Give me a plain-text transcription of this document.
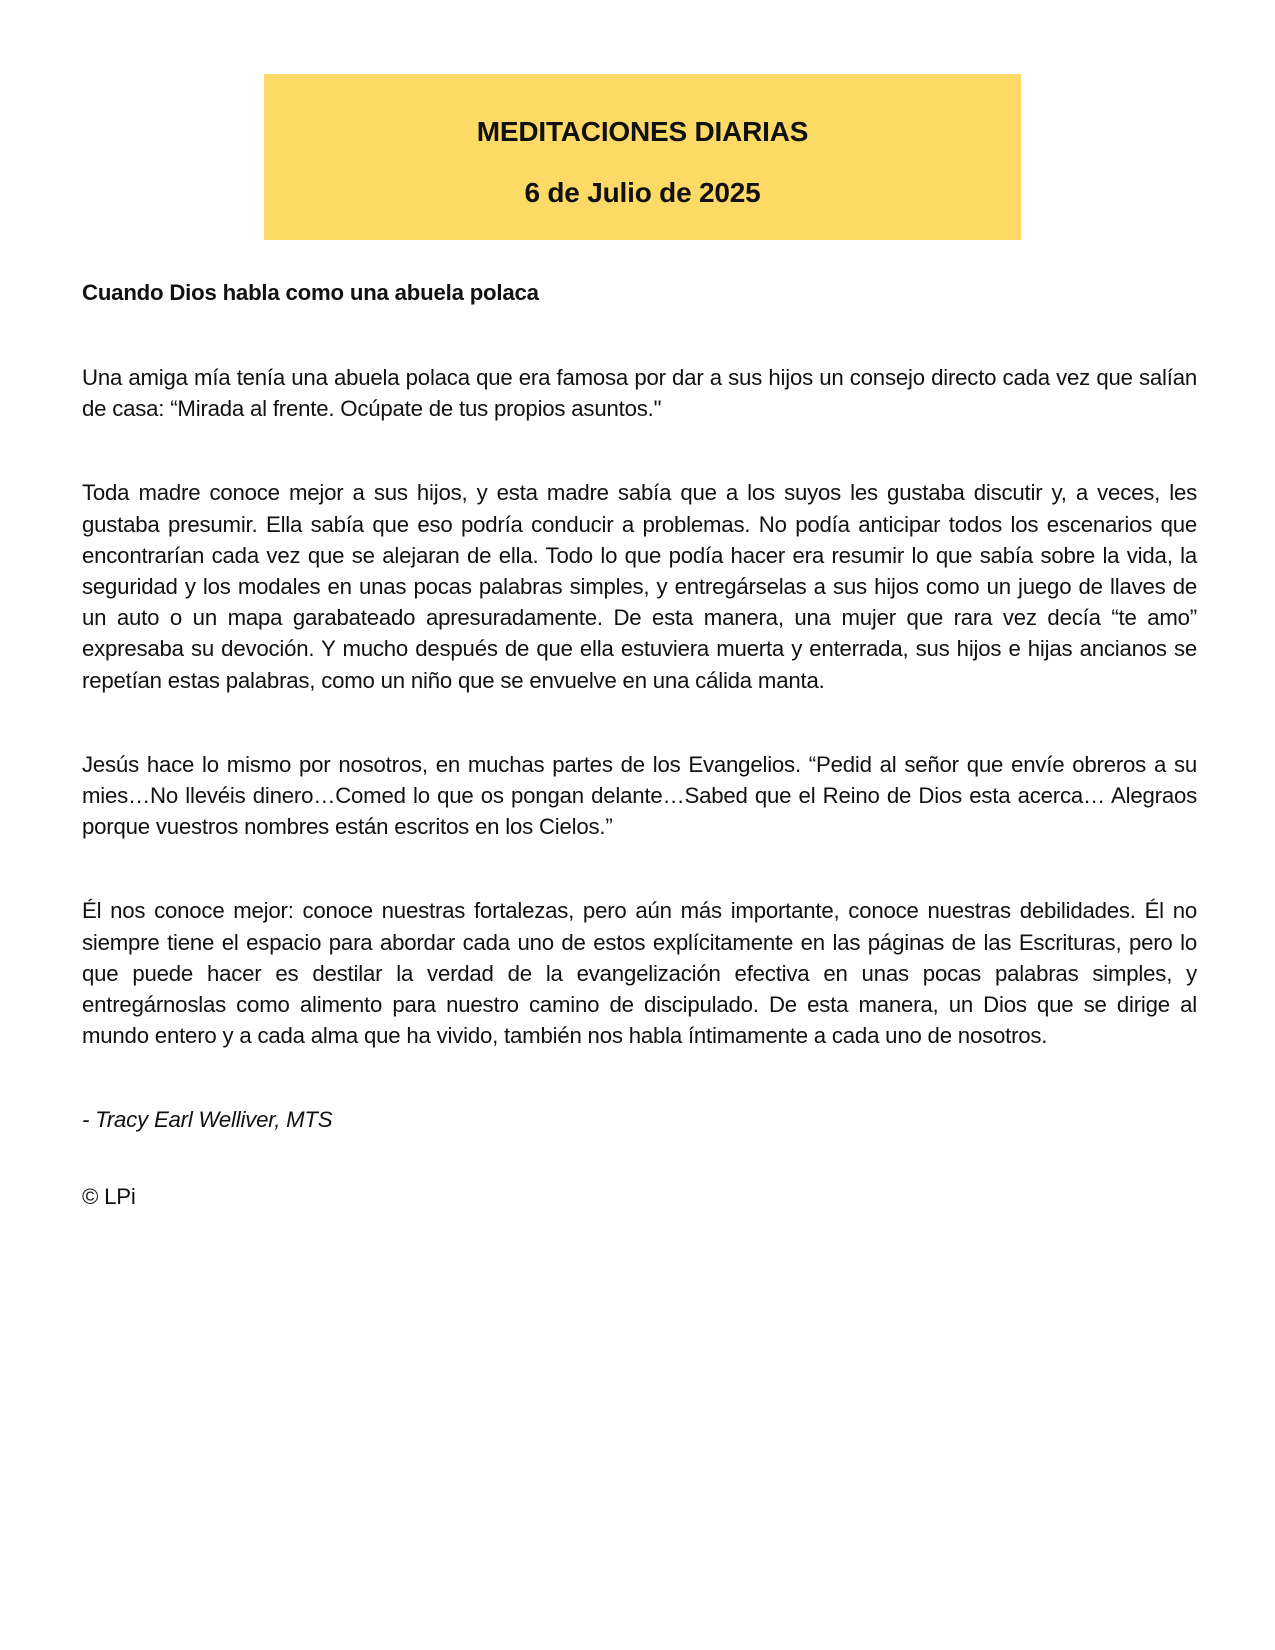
MEDITACIONES DIARIAS
6 de Julio de 2025

Cuando Dios habla como una abuela polaca

Una amiga mía tenía una abuela polaca que era famosa por dar a sus hijos un consejo directo cada vez que salían de casa: “Mirada al frente. Ocúpate de tus propios asuntos."

Toda madre conoce mejor a sus hijos, y esta madre sabía que a los suyos les gustaba discutir y, a veces, les gustaba presumir. Ella sabía que eso podría conducir a problemas. No podía anticipar todos los escenarios que encontrarían cada vez que se alejaran de ella. Todo lo que podía hacer era resumir lo que sabía sobre la vida, la seguridad y los modales en unas pocas palabras simples, y entregárselas a sus hijos como un juego de llaves de un auto o un mapa garabateado apresuradamente. De esta manera, una mujer que rara vez decía “te amo” expresaba su devoción. Y mucho después de que ella estuviera muerta y enterrada, sus hijos e hijas ancianos se repetían estas palabras, como un niño que se envuelve en una cálida manta.

Jesús hace lo mismo por nosotros, en muchas partes de los Evangelios. “Pedid al señor que envíe obreros a su mies…No llevéis dinero…Comed lo que os pongan delante…Sabed que el Reino de Dios esta acerca… Alegraos porque vuestros nombres están escritos en los Cielos.”

Él nos conoce mejor: conoce nuestras fortalezas, pero aún más importante, conoce nuestras debilidades. Él no siempre tiene el espacio para abordar cada uno de estos explícitamente en las páginas de las Escrituras, pero lo que puede hacer es destilar la verdad de la evangelización efectiva en unas pocas palabras simples, y entregárnoslas como alimento para nuestro camino de discipulado. De esta manera, un Dios que se dirige al mundo entero y a cada alma que ha vivido, también nos habla íntimamente a cada uno de nosotros.

- Tracy Earl Welliver, MTS

© LPi
